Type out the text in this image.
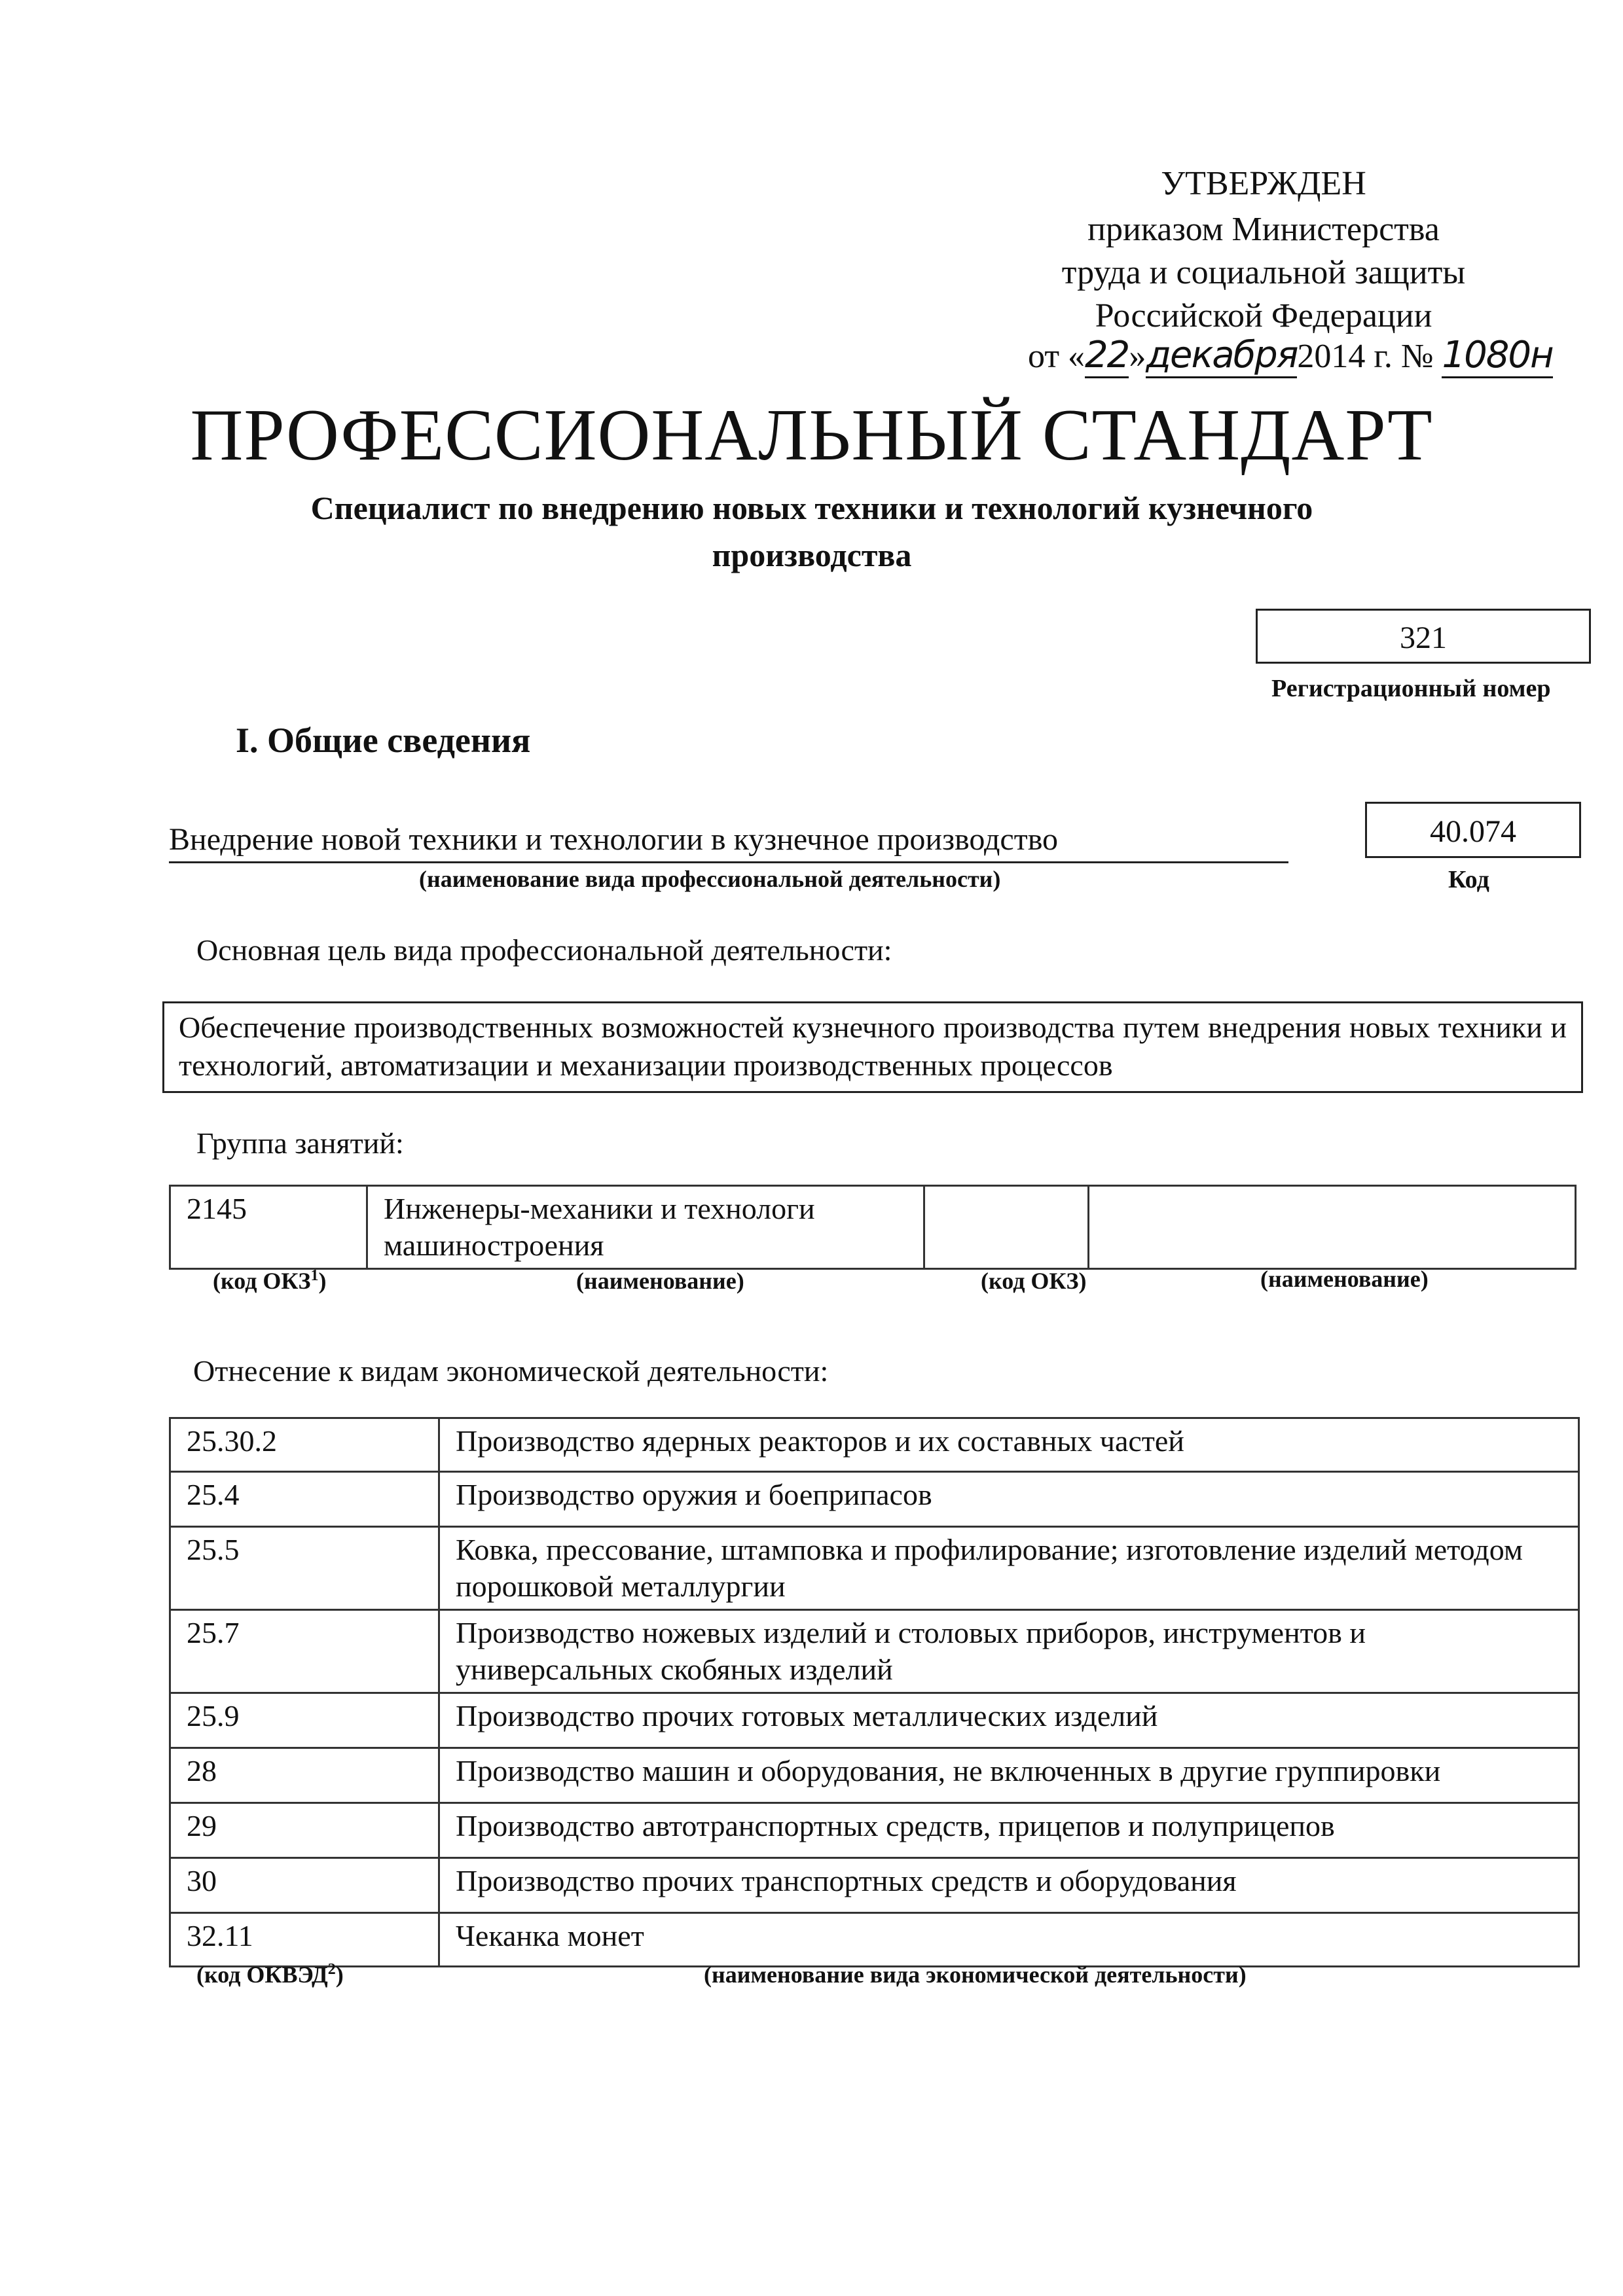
УТВЕРЖДЕН
приказом Министерства
труда и социальной защиты
Российской Федерации
от «22»декабря2014 г. № 1080н
ПРОФЕССИОНАЛЬНЫЙ СТАНДАРТ
Специалист по внедрению новых техники и технологий кузнечного производства
321
Регистрационный номер
I. Общие сведения
Внедрение новой техники и технологии в кузнечное производство
(наименование вида профессиональной деятельности)
40.074
Код
Основная цель вида профессиональной деятельности:
Обеспечение производственных возможностей кузнечного производства путем внедрения новых техники и технологий, автоматизации и механизации производственных процессов
Группа занятий:
2145	Инженеры-механики и технологи машиностроения		
(код ОКЗ$^1$)	(наименование)	(код ОКЗ)	(наименование)
Отнесение к видам экономической деятельности:
25.30.2	Производство ядерных реакторов и их составных частей
25.4	Производство оружия и боеприпасов
25.5	Ковка, прессование, штамповка и профилирование; изготовление изделий методом порошковой металлургии
25.7	Производство ножевых изделий и столовых приборов, инструментов и универсальных скобяных изделий
25.9	Производство прочих готовых металлических изделий
28	Производство машин и оборудования, не включенных в другие группировки
29	Производство автотранспортных средств, прицепов и полуприцепов
30	Производство прочих транспортных средств и оборудования
32.11	Чеканка монет
(код ОКВЭД$^2$)	(наименование вида экономической деятельности)
